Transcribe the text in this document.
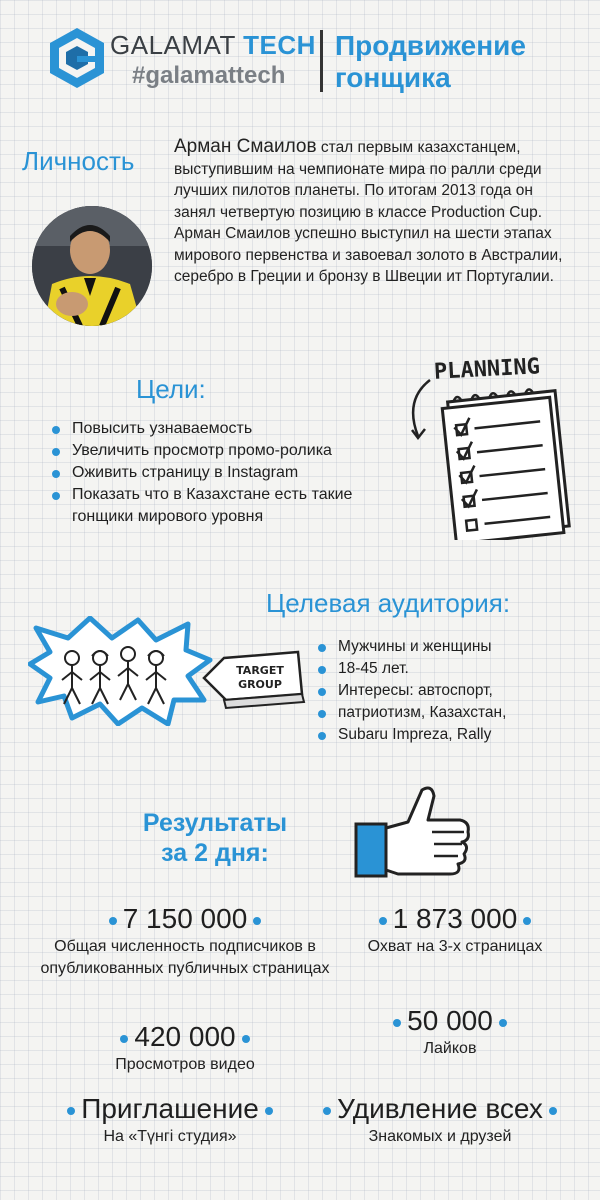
GALAMAT TECH
#galamattech
Продвижение гонщика
Личность Арман Смаилов стал первым казахстанцем, выступившим на чемпионате мира по ралли среди лучших пилотов планеты. По итогам 2013 года он занял четвертую позицию в классе Production Cup. Арман Смаилов успешно выступил на шести этапах мирового первенства и завоевал золото в Австралии, серебро в Греции и бронзу в Швеции ит Португалии.
Цели:
Повысить узнаваемость
Увеличить просмотр промо-ролика
Оживить страницу в Instagram
Показать что в Казахстане есть такие гонщики мирового уровня
PLANNING
Целевая аудитория:
TARGET
GROUP
Мужчины и женщины
18-45 лет.
Интересы: автоспорт,
патриотизм, Казахстан,
Subaru Impreza, Rally
Результаты
за 2 дня:
7 150 000
Общая численность подписчиков в опубликованных публичных страницах
1 873 000
Охват на 3-х страницах
420 000
Просмотров видео
50 000
Лайков
Приглашение
На «Түнгі студия»
Удивление всех
Знакомых и друзей
